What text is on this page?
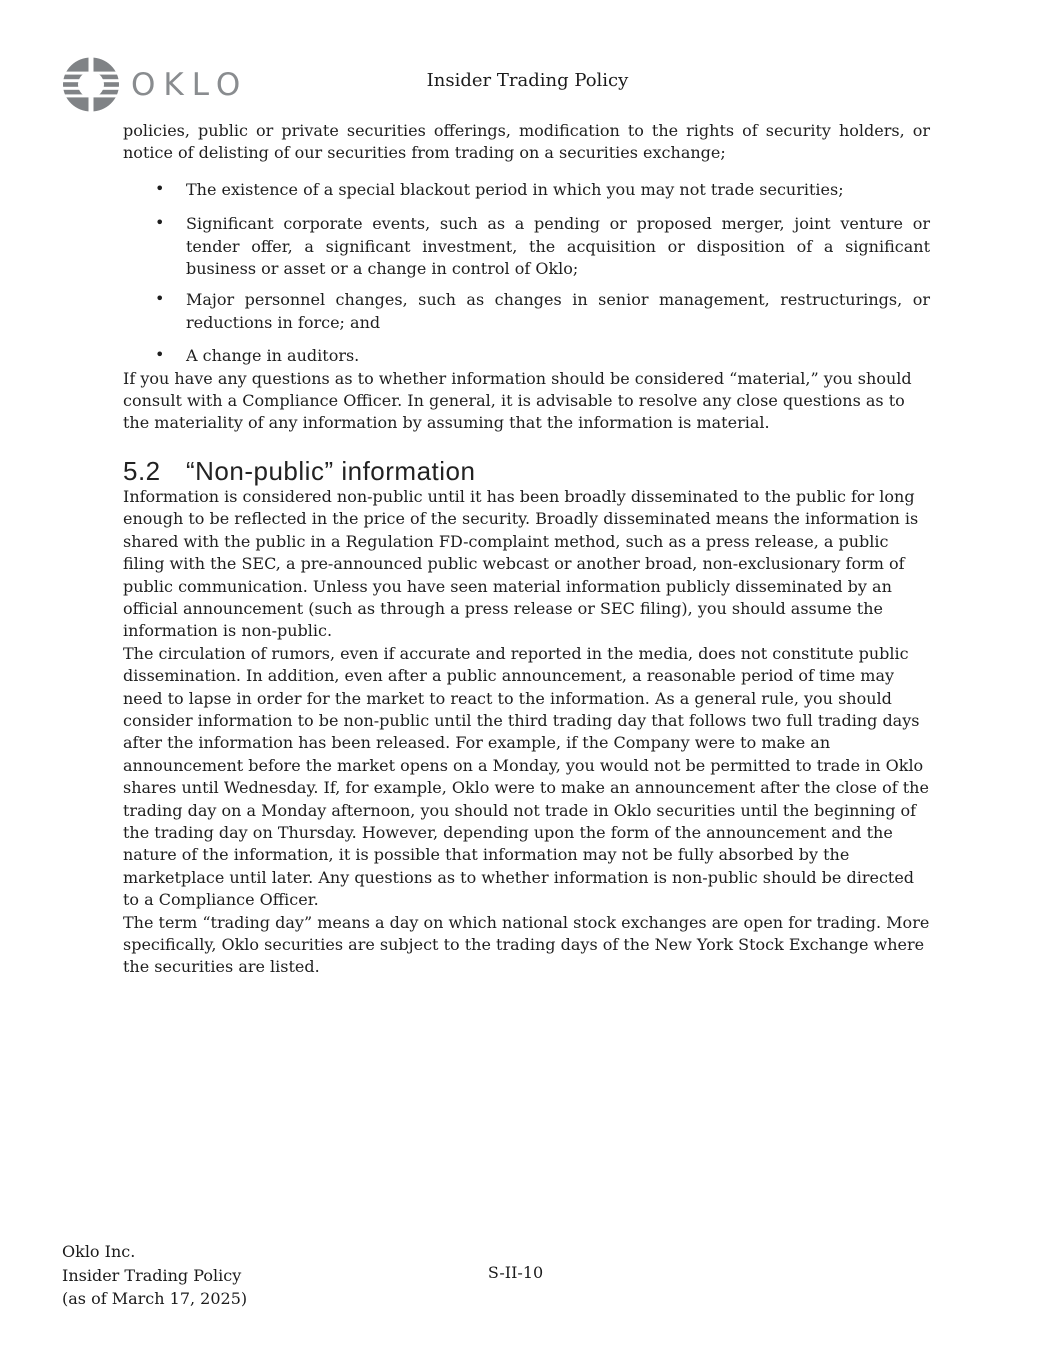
OKLO	Insider Trading Policy

policies, public or private securities offerings, modification to the rights of security holders, or notice of delisting of our securities from trading on a securities exchange;

• The existence of a special blackout period in which you may not trade securities;
• Significant corporate events, such as a pending or proposed merger, joint venture or tender offer, a significant investment, the acquisition or disposition of a significant business or asset or a change in control of Oklo;
• Major personnel changes, such as changes in senior management, restructurings, or reductions in force; and
• A change in auditors.

If you have any questions as to whether information should be considered “material,” you should consult with a Compliance Officer. In general, it is advisable to resolve any close questions as to the materiality of any information by assuming that the information is material.

5.2 “Non-public” information

Information is considered non-public until it has been broadly disseminated to the public for long enough to be reflected in the price of the security. Broadly disseminated means the information is shared with the public in a Regulation FD-complaint method, such as a press release, a public filing with the SEC, a pre-announced public webcast or another broad, non-exclusionary form of public communication. Unless you have seen material information publicly disseminated by an official announcement (such as through a press release or SEC filing), you should assume the information is non-public.

The circulation of rumors, even if accurate and reported in the media, does not constitute public dissemination. In addition, even after a public announcement, a reasonable period of time may need to lapse in order for the market to react to the information. As a general rule, you should consider information to be non-public until the third trading day that follows two full trading days after the information has been released. For example, if the Company were to make an announcement before the market opens on a Monday, you would not be permitted to trade in Oklo shares until Wednesday. If, for example, Oklo were to make an announcement after the close of the trading day on a Monday afternoon, you should not trade in Oklo securities until the beginning of the trading day on Thursday. However, depending upon the form of the announcement and the nature of the information, it is possible that information may not be fully absorbed by the marketplace until later. Any questions as to whether information is non-public should be directed to a Compliance Officer.

The term “trading day” means a day on which national stock exchanges are open for trading. More specifically, Oklo securities are subject to the trading days of the New York Stock Exchange where the securities are listed.

Oklo Inc.
Insider Trading Policy
(as of March 17, 2025)
S-II-10
